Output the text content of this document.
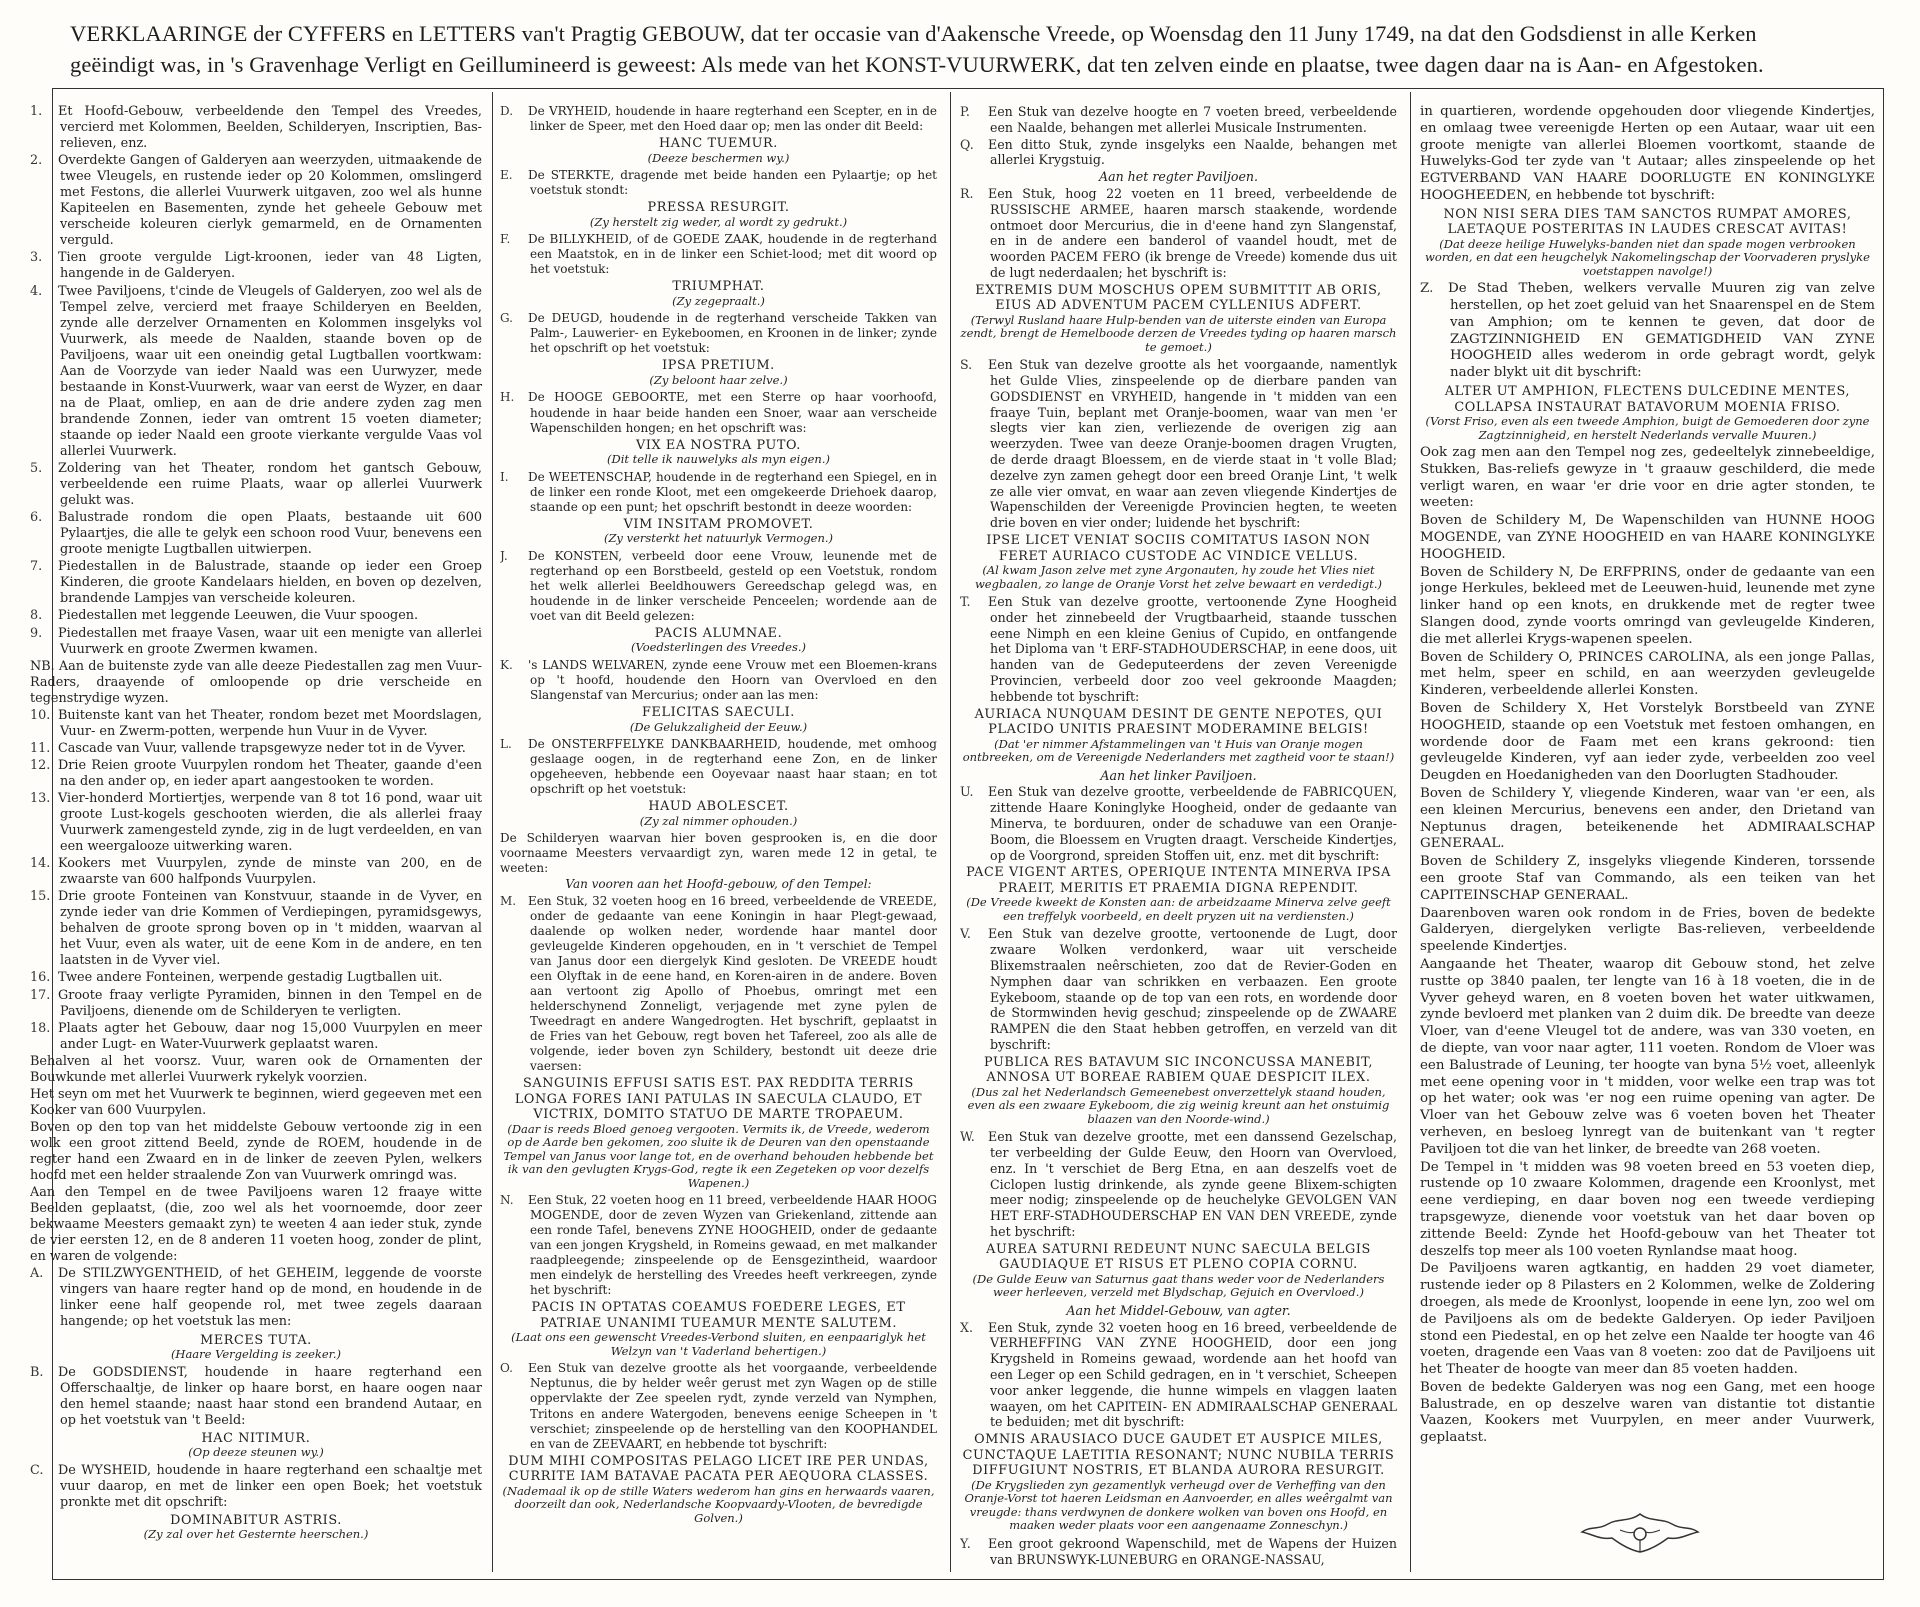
VERKLAARINGE der CYFFERS en LETTERS van't Pragtig GEBOUW, dat ter occasie van d'Aakensche Vreede, op Woensdag den 11 Juny 1749, na dat den Godsdienst in alle Kerken
geëindigt was, in 's Gravenhage Verligt en Geillumineerd is geweest: Als mede van het KONST-VUURWERK, dat ten zelven einde en plaatse, twee dagen daar na is Aan- en Afgestoken.
1. Et Hoofd-Gebouw, verbeeldende den Tempel des Vreedes, vercierd met Kolommen, Beelden, Schilderyen, Inscriptien, Bas-relieven, enz.
2. Overdekte Gangen of Galderyen aan weerzyden, uitmaakende de twee Vleugels, en rustende ieder op 20 Kolommen, omslingerd met Festons, die allerlei Vuurwerk uitgaven, zoo wel als hunne Kapiteelen en Basementen, zynde het geheele Gebouw met verscheide koleuren cierlyk gemarmeld, en de Ornamenten verguld.
3. Tien groote vergulde Ligt-kroonen, ieder van 48 Ligten, hangende in de Galderyen.
4. Twee Paviljoens, t'cinde de Vleugels of Galderyen, zoo wel als de Tempel zelve, vercierd met fraaye Schilderyen en Beelden, zynde alle derzelver Ornamenten en Kolommen insgelyks vol Vuurwerk, als meede de Naalden, staande boven op de Paviljoens, waar uit een oneindig getal Lugtballen voortkwam: Aan de Voorzyde van ieder Naald was een Uurwyzer, mede bestaande in Konst-Vuurwerk, waar van eerst de Wyzer, en daar na de Plaat, omliep, en aan de drie andere zyden zag men brandende Zonnen, ieder van omtrent 15 voeten diameter; staande op ieder Naald een groote vierkante vergulde Vaas vol allerlei Vuurwerk.
5. Zoldering van het Theater, rondom het gantsch Gebouw, verbeeldende een ruime Plaats, waar op allerlei Vuurwerk gelukt was.
6. Balustrade rondom die open Plaats, bestaande uit 600 Pylaartjes, die alle te gelyk een schoon rood Vuur, benevens een groote menigte Lugtballen uitwierpen.
7. Piedestallen in de Balustrade, staande op ieder een Groep Kinderen, die groote Kandelaars hielden, en boven op dezelven, brandende Lampjes van verscheide koleuren.
8. Piedestallen met leggende Leeuwen, die Vuur spoogen.
9. Piedestallen met fraaye Vasen, waar uit een menigte van allerlei Vuurwerk en groote Zwermen kwamen.
NB. Aan de buitenste zyde van alle deeze Piedestallen zag men Vuur-Raders, draayende of omloopende op drie verscheide en tegenstrydige wyzen.
10. Buitenste kant van het Theater, rondom bezet met Moordslagen, Vuur- en Zwerm-potten, werpende hun Vuur in de Vyver.
11. Cascade van Vuur, vallende trapsgewyze neder tot in de Vyver.
12. Drie Reien groote Vuurpylen rondom het Theater, gaande d'een na den ander op, en ieder apart aangestooken te worden.
13. Vier-honderd Mortiertjes, werpende van 8 tot 16 pond, waar uit groote Lust-kogels geschooten wierden, die als allerlei fraay Vuurwerk zamengesteld zynde, zig in de lugt verdeelden, en van een weergalooze uitwerking waren.
14. Kookers met Vuurpylen, zynde de minste van 200, en de zwaarste van 600 halfponds Vuurpylen.
15. Drie groote Fonteinen van Konstvuur, staande in de Vyver, en zynde ieder van drie Kommen of Verdiepingen, pyramidsgewys, behalven de groote sprong boven op in 't midden, waarvan al het Vuur, even als water, uit de eene Kom in de andere, en ten laatsten in de Vyver viel.
16. Twee andere Fonteinen, werpende gestadig Lugtballen uit.
17. Groote fraay verligte Pyramiden, binnen in den Tempel en de Paviljoens, dienende om de Schilderyen te verligten.
18. Plaats agter het Gebouw, daar nog 15,000 Vuurpylen en meer ander Lugt- en Water-Vuurwerk geplaatst waren.
Behalven al het voorsz. Vuur, waren ook de Ornamenten der Bouwkunde met allerlei Vuurwerk rykelyk voorzien.
Het seyn om met het Vuurwerk te beginnen, wierd gegeeven met een Kooker van 600 Vuurpylen.
Boven op den top van het middelste Gebouw vertoonde zig in een wolk een groot zittend Beeld, zynde de ROEM, houdende in de regter hand een Zwaard en in de linker de zeeven Pylen, welkers hoofd met een helder straalende Zon van Vuurwerk omringd was.
Aan den Tempel en de twee Paviljoens waren 12 fraaye witte Beelden geplaatst, (die, zoo wel als het voornoemde, door zeer bekwaame Meesters gemaakt zyn) te weeten 4 aan ieder stuk, zynde de vier eersten 12, en de 8 anderen 11 voeten hoog, zonder de plint, en waren de volgende:
A. De STILZWYGENTHEID, of het GEHEIM, leggende de voorste vingers van haare regter hand op de mond, en houdende in de linker eene half geopende rol, met twee zegels daaraan hangende; op het voetstuk las men:
MERCES TUTA.
(Haare Vergelding is zeeker.)
B. De GODSDIENST, houdende in haare regterhand een Offerschaaltje, de linker op haare borst, en haare oogen naar den hemel staande; naast haar stond een brandend Autaar, en op het voetstuk van 't Beeld:
HAC NITIMUR.
(Op deeze steunen wy.)
C. De WYSHEID, houdende in haare regterhand een schaaltje met vuur daarop, en met de linker een open Boek; het voetstuk pronkte met dit opschrift:
DOMINABITUR ASTRIS.
(Zy zal over het Gesternte heerschen.)
D. De VRYHEID, houdende in haare regterhand een Scepter, en in de linker de Speer, met den Hoed daar op; men las onder dit Beeld:
HANC TUEMUR.
(Deeze beschermen wy.)
E. De STERKTE, dragende met beide handen een Pylaartje; op het voetstuk stondt:
PRESSA RESURGIT.
(Zy herstelt zig weder, al wordt zy gedrukt.)
F. De BILLYKHEID, of de GOEDE ZAAK, houdende in de regterhand een Maatstok, en in de linker een Schiet-lood; met dit woord op het voetstuk:
TRIUMPHAT.
(Zy zegepraalt.)
G. De DEUGD, houdende in de regterhand verscheide Takken van Palm-, Lauwerier- en Eykeboomen, en Kroonen in de linker; zynde het opschrift op het voetstuk:
IPSA PRETIUM.
(Zy beloont haar zelve.)
H. De HOOGE GEBOORTE, met een Sterre op haar voorhoofd, houdende in haar beide handen een Snoer, waar aan verscheide Wapenschilden hongen; en het opschrift was:
VIX EA NOSTRA PUTO.
(Dit telle ik nauwelyks als myn eigen.)
I. De WEETENSCHAP, houdende in de regterhand een Spiegel, en in de linker een ronde Kloot, met een omgekeerde Driehoek daarop, staande op een punt; het opschrift bestondt in deeze woorden:
VIM INSITAM PROMOVET.
(Zy versterkt het natuurlyk Vermogen.)
J. De KONSTEN, verbeeld door eene Vrouw, leunende met de regterhand op een Borstbeeld, gesteld op een Voetstuk, rondom het welk allerlei Beeldhouwers Gereedschap gelegd was, en houdende in de linker verscheide Penceelen; wordende aan de voet van dit Beeld gelezen:
PACIS ALUMNAE.
(Voedsterlingen des Vreedes.)
K. 's LANDS WELVAREN, zynde eene Vrouw met een Bloemen-krans op 't hoofd, houdende den Hoorn van Overvloed en den Slangenstaf van Mercurius; onder aan las men:
FELICITAS SAECULI.
(De Gelukzaligheid der Eeuw.)
L. De ONSTERFFELYKE DANKBAARHEID, houdende, met omhoog geslaage oogen, in de regterhand eene Zon, en de linker opgeheeven, hebbende een Ooyevaar naast haar staan; en tot opschrift op het voetstuk:
HAUD ABOLESCET.
(Zy zal nimmer ophouden.)
De Schilderyen waarvan hier boven gesprooken is, en die door voornaame Meesters vervaardigt zyn, waren mede 12 in getal, te weeten:
Van vooren aan het Hoofd-gebouw, of den Tempel:
M. Een Stuk, 32 voeten hoog en 16 breed, verbeeldende de VREEDE, onder de gedaante van eene Koningin in haar Plegt-gewaad, daalende op wolken neder, wordende haar mantel door gevleugelde Kinderen opgehouden, en in 't verschiet de Tempel van Janus door een diergelyk Kind gesloten. De VREEDE houdt een Olyftak in de eene hand, en Koren-airen in de andere. Boven aan vertoont zig Apollo of Phoebus, omringt met een helderschynend Zonneligt, verjagende met zyne pylen de Tweedragt en andere Wangedrogten. Het byschrift, geplaatst in de Fries van het Gebouw, regt boven het Tafereel, zoo als alle de volgende, ieder boven zyn Schildery, bestondt uit deeze drie vaersen:
SANGUINIS EFFUSI SATIS EST. PAX REDDITA TERRIS LONGA FORES IANI PATULAS IN SAECULA CLAUDO, ET VICTRIX, DOMITO STATUO DE MARTE TROPAEUM.
(Daar is reeds Bloed genoeg vergooten. Vermits ik, de Vreede, wederom op de Aarde ben gekomen, zoo sluite ik de Deuren van den openstaande Tempel van Janus voor lange tot, en de overhand behouden hebbende bet ik van den gevlugten Krygs-God, regte ik een Zegeteken op voor dezelfs Wapenen.)
N. Een Stuk, 22 voeten hoog en 11 breed, verbeeldende HAAR HOOG MOGENDE, door de zeven Wyzen van Griekenland, zittende aan een ronde Tafel, benevens ZYNE HOOGHEID, onder de gedaante van een jongen Krygsheld, in Romeins gewaad, en met malkander raadpleegende; zinspeelende op de Eensgezintheid, waardoor men eindelyk de herstelling des Vreedes heeft verkreegen, zynde het byschrift:
PACIS IN OPTATAS COEAMUS FOEDERE LEGES, ET PATRIAE UNANIMI TUEAMUR MENTE SALUTEM.
(Laat ons een gewenscht Vreedes-Verbond sluiten, en eenpaariglyk het Welzyn van 't Vaderland behertigen.)
O. Een Stuk van dezelve grootte als het voorgaande, verbeeldende Neptunus, die by helder weêr gerust met zyn Wagen op de stille oppervlakte der Zee speelen rydt, zynde verzeld van Nymphen, Tritons en andere Watergoden, benevens eenige Scheepen in 't verschiet; zinspeelende op de herstelling van den KOOPHANDEL en van de ZEEVAART, en hebbende tot byschrift:
DUM MIHI COMPOSITAS PELAGO LICET IRE PER UNDAS, CURRITE IAM BATAVAE PACATA PER AEQUORA CLASSES.
(Nademaal ik op de stille Waters wederom han gins en herwaards vaaren, doorzeilt dan ook, Nederlandsche Koopvaardy-Vlooten, de bevredigde Golven.)
P. Een Stuk van dezelve hoogte en 7 voeten breed, verbeeldende een Naalde, behangen met allerlei Musicale Instrumenten.
Q. Een ditto Stuk, zynde insgelyks een Naalde, behangen met allerlei Krygstuig.
Aan het regter Paviljoen.
R. Een Stuk, hoog 22 voeten en 11 breed, verbeeldende de RUSSISCHE ARMEE, haaren marsch staakende, wordende ontmoet door Mercurius, die in d'eene hand zyn Slangenstaf, en in de andere een banderol of vaandel houdt, met de woorden PACEM FERO (ik brenge de Vreede) komende dus uit de lugt nederdaalen; het byschrift is:
EXTREMIS DUM MOSCHUS OPEM SUBMITTIT AB ORIS, EIUS AD ADVENTUM PACEM CYLLENIUS ADFERT.
(Terwyl Rusland haare Hulp-benden van de uiterste einden van Europa zendt, brengt de Hemelboode derzen de Vreedes tyding op haaren marsch te gemoet.)
S. Een Stuk van dezelve grootte als het voorgaande, namentlyk het Gulde Vlies, zinspeelende op de dierbare panden van GODSDIENST en VRYHEID, hangende in 't midden van een fraaye Tuin, beplant met Oranje-boomen, waar van men 'er slegts vier kan zien, verliezende de overigen zig aan weerzyden. Twee van deeze Oranje-boomen dragen Vrugten, de derde draagt Bloessem, en de vierde staat in 't volle Blad; dezelve zyn zamen gehegt door een breed Oranje Lint, 't welk ze alle vier omvat, en waar aan zeven vliegende Kindertjes de Wapenschilden der Vereenigde Provincien hegten, te weeten drie boven en vier onder; luidende het byschrift:
IPSE LICET VENIAT SOCIIS COMITATUS IASON NON FERET AURIACO CUSTODE AC VINDICE VELLUS.
(Al kwam Jason zelve met zyne Argonauten, hy zoude het Vlies niet wegbaalen, zo lange de Oranje Vorst het zelve bewaart en verdedigt.)
T. Een Stuk van dezelve grootte, vertoonende Zyne Hoogheid onder het zinnebeeld der Vrugtbaarheid, staande tusschen eene Nimph en een kleine Genius of Cupido, en ontfangende het Diploma van 't ERF-STADHOUDERSCHAP, in eene doos, uit handen van de Gedeputeerdens der zeven Vereenigde Provincien, verbeeld door zoo veel gekroonde Maagden; hebbende tot byschrift:
AURIACA NUNQUAM DESINT DE GENTE NEPOTES, QUI PLACIDO UNITIS PRAESINT MODERAMINE BELGIS!
(Dat 'er nimmer Afstammelingen van 't Huis van Oranje mogen ontbreeken, om de Vereenigde Nederlanders met zagtheid voor te staan!)
Aan het linker Paviljoen.
U. Een Stuk van dezelve grootte, verbeeldende de FABRICQUEN, zittende Haare Koninglyke Hoogheid, onder de gedaante van Minerva, te borduuren, onder de schaduwe van een Oranje-Boom, die Bloessem en Vrugten draagt. Verscheide Kindertjes, op de Voorgrond, spreiden Stoffen uit, enz. met dit byschrift:
PACE VIGENT ARTES, OPERIQUE INTENTA MINERVA IPSA PRAEIT, MERITIS ET PRAEMIA DIGNA REPENDIT.
(De Vreede kweekt de Konsten aan: de arbeidzaame Minerva zelve geeft een treffelyk voorbeeld, en deelt pryzen uit na verdiensten.)
V. Een Stuk van dezelve grootte, vertoonende de Lugt, door zwaare Wolken verdonkerd, waar uit verscheide Blixemstraalen neêrschieten, zoo dat de Revier-Goden en Nymphen daar van schrikken en verbaazen. Een groote Eykeboom, staande op de top van een rots, en wordende door de Stormwinden hevig geschud; zinspeelende op de ZWAARE RAMPEN die den Staat hebben getroffen, en verzeld van dit byschrift:
PUBLICA RES BATAVUM SIC INCONCUSSA MANEBIT, ANNOSA UT BOREAE RABIEM QUAE DESPICIT ILEX.
(Dus zal het Nederlandsch Gemeenebest onverzettelyk staand houden, even als een zwaare Eykeboom, die zig weinig kreunt aan het onstuimig blaazen van den Noorde-wind.)
W. Een Stuk van dezelve grootte, met een danssend Gezelschap, ter verbeelding der Gulde Eeuw, den Hoorn van Overvloed, enz. In 't verschiet de Berg Etna, en aan deszelfs voet de Ciclopen lustig drinkende, als zynde geene Blixem-schigten meer nodig; zinspeelende op de heuchelyke GEVOLGEN VAN HET ERF-STADHOUDERSCHAP EN VAN DEN VREEDE, zynde het byschrift:
AUREA SATURNI REDEUNT NUNC SAECULA BELGIS GAUDIAQUE ET RISUS ET PLENO COPIA CORNU.
(De Gulde Eeuw van Saturnus gaat thans weder voor de Nederlanders weer herleeven, verzeld met Blydschap, Gejuich en Overvloed.)
Aan het Middel-Gebouw, van agter.
X. Een Stuk, zynde 32 voeten hoog en 16 breed, verbeeldende de VERHEFFING VAN ZYNE HOOGHEID, door een jong Krygsheld in Romeins gewaad, wordende aan het hoofd van een Leger op een Schild gedragen, en in 't verschiet, Scheepen voor anker leggende, die hunne wimpels en vlaggen laaten waayen, om het CAPITEIN- EN ADMIRAALSCHAP GENERAAL te beduiden; met dit byschrift:
OMNIS ARAUSIACO DUCE GAUDET ET AUSPICE MILES, CUNCTAQUE LAETITIA RESONANT; NUNC NUBILA TERRIS DIFFUGIUNT NOSTRIS, ET BLANDA AURORA RESURGIT.
(De Krygslieden zyn gezamentlyk verheugd over de Verheffing van den Oranje-Vorst tot haeren Leidsman en Aanvoerder, en alles weêrgalmt van vreugde: thans verdwynen de donkere wolken van boven ons Hoofd, en maaken weder plaats voor een aangenaame Zonneschyn.)
Y. Een groot gekroond Wapenschild, met de Wapens der Huizen van BRUNSWYK-LUNEBURG en ORANGE-NASSAU,
in quartieren, wordende opgehouden door vliegende Kindertjes, en omlaag twee vereenigde Herten op een Autaar, waar uit een groote menigte van allerlei Bloemen voortkomt, staande de Huwelyks-God ter zyde van 't Autaar; alles zinspeelende op het EGTVERBAND VAN HAARE DOORLUGTE EN KONINGLYKE HOOGHEEDEN, en hebbende tot byschrift:
NON NISI SERA DIES TAM SANCTOS RUMPAT AMORES, LAETAQUE POSTERITAS IN LAUDES CRESCAT AVITAS!
(Dat deeze heilige Huwelyks-banden niet dan spade mogen verbrooken worden, en dat een heugchelyk Nakomelingschap der Voorvaderen pryslyke voetstappen navolge!)
Z. De Stad Theben, welkers vervalle Muuren zig van zelve herstellen, op het zoet geluid van het Snaarenspel en de Stem van Amphion; om te kennen te geven, dat door de ZAGTZINNIGHEID EN GEMATIGDHEID VAN ZYNE HOOGHEID alles wederom in orde gebragt wordt, gelyk nader blykt uit dit byschrift:
ALTER UT AMPHION, FLECTENS DULCEDINE MENTES, COLLAPSA INSTAURAT BATAVORUM MOENIA FRISO.
(Vorst Friso, even als een tweede Amphion, buigt de Gemoederen door zyne Zagtzinnigheid, en herstelt Nederlands vervalle Muuren.)
Ook zag men aan den Tempel nog zes, gedeeltelyk zinnebeeldige, Stukken, Bas-reliefs gewyze in 't graauw geschilderd, die mede verligt waren, en waar 'er drie voor en drie agter stonden, te weeten:
Boven de Schildery M, De Wapenschilden van HUNNE HOOG MOGENDE, van ZYNE HOOGHEID en van HAARE KONINGLYKE HOOGHEID.
Boven de Schildery N, De ERFPRINS, onder de gedaante van een jonge Herkules, bekleed met de Leeuwen-huid, leunende met zyne linker hand op een knots, en drukkende met de regter twee Slangen dood, zynde voorts omringd van gevleugelde Kinderen, die met allerlei Krygs-wapenen speelen.
Boven de Schildery O, PRINCES CAROLINA, als een jonge Pallas, met helm, speer en schild, en aan weerzyden gevleugelde Kinderen, verbeeldende allerlei Konsten.
Boven de Schildery X, Het Vorstelyk Borstbeeld van ZYNE HOOGHEID, staande op een Voetstuk met festoen omhangen, en wordende door de Faam met een krans gekroond: tien gevleugelde Kinderen, vyf aan ieder zyde, verbeelden zoo veel Deugden en Hoedanigheden van den Doorlugten Stadhouder.
Boven de Schildery Y, vliegende Kinderen, waar van 'er een, als een kleinen Mercurius, benevens een ander, den Drietand van Neptunus dragen, beteikenende het ADMIRAALSCHAP GENERAAL.
Boven de Schildery Z, insgelyks vliegende Kinderen, torssende een groote Staf van Commando, als een teiken van het CAPITEINSCHAP GENERAAL.
Daarenboven waren ook rondom in de Fries, boven de bedekte Galderyen, diergelyken verligte Bas-relieven, verbeeldende speelende Kindertjes.
Aangaande het Theater, waarop dit Gebouw stond, het zelve rustte op 3840 paalen, ter lengte van 16 à 18 voeten, die in de Vyver geheyd waren, en 8 voeten boven het water uitkwamen, zynde bevloerd met planken van 2 duim dik. De breedte van deeze Vloer, van d'eene Vleugel tot de andere, was van 330 voeten, en de diepte, van voor naar agter, 111 voeten. Rondom de Vloer was een Balustrade of Leuning, ter hoogte van byna 5½ voet, alleenlyk met eene opening voor in 't midden, voor welke een trap was tot op het water; ook was 'er nog een ruime opening van agter. De Vloer van het Gebouw zelve was 6 voeten boven het Theater verheven, en besloeg lynregt van de buitenkant van 't regter Paviljoen tot die van het linker, de breedte van 268 voeten.
De Tempel in 't midden was 98 voeten breed en 53 voeten diep, rustende op 10 zwaare Kolommen, dragende een Kroonlyst, met eene verdieping, en daar boven nog een tweede verdieping trapsgewyze, dienende voor voetstuk van het daar boven op zittende Beeld: Zynde het Hoofd-gebouw van het Theater tot deszelfs top meer als 100 voeten Rynlandse maat hoog.
De Paviljoens waren agtkantig, en hadden 29 voet diameter, rustende ieder op 8 Pilasters en 2 Kolommen, welke de Zoldering droegen, als mede de Kroonlyst, loopende in eene lyn, zoo wel om de Paviljoens als om de bedekte Galderyen. Op ieder Paviljoen stond een Piedestal, en op het zelve een Naalde ter hoogte van 46 voeten, dragende een Vaas van 8 voeten: zoo dat de Paviljoens uit het Theater de hoogte van meer dan 85 voeten hadden.
Boven de bedekte Galderyen was nog een Gang, met een hooge Balustrade, en op deszelve waren van distantie tot distantie Vaazen, Kookers met Vuurpylen, en meer ander Vuurwerk, geplaatst.
